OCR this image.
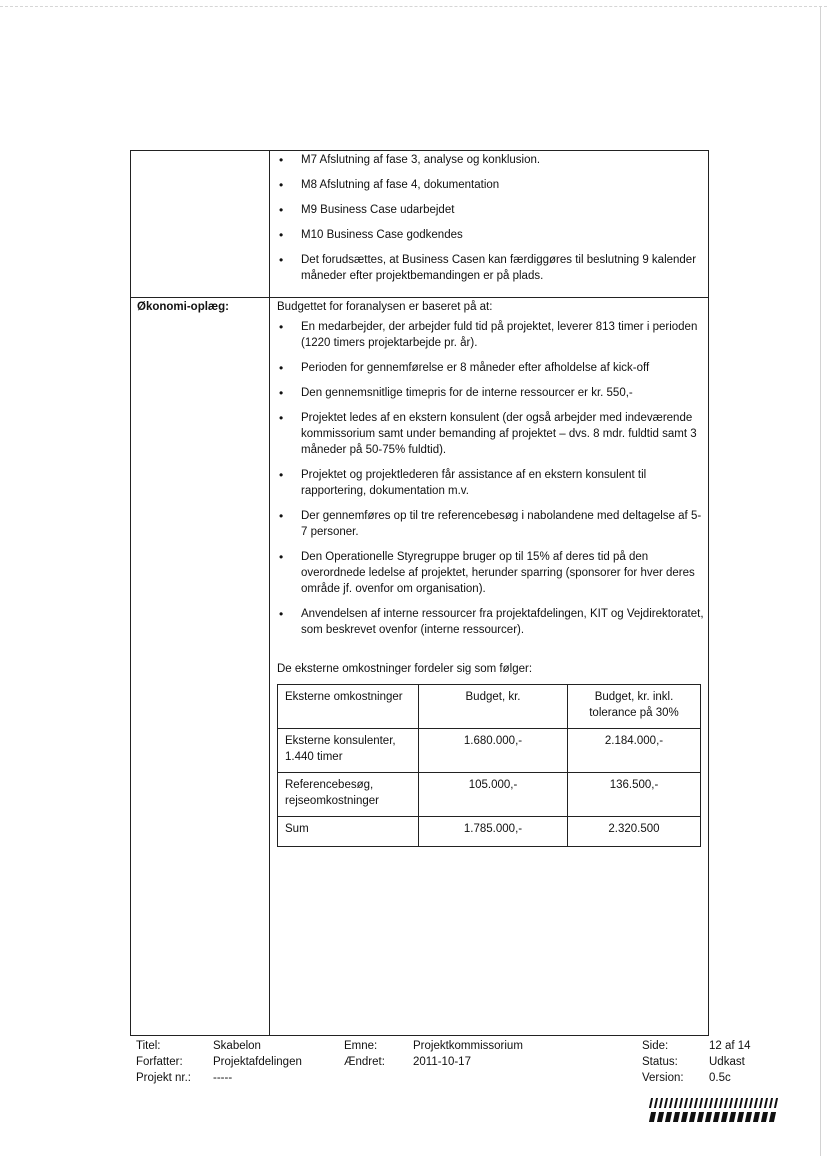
• M7 Afslutning af fase 3, analyse og konklusion.
• M8 Afslutning af fase 4, dokumentation
• M9 Business Case udarbejdet
• M10 Business Case godkendes
• Det forudsættes, at Business Casen kan færdiggøres til beslutning 9 kalender måneder efter projektbemandingen er på plads.
Økonomi-oplæg:	Budgettet for foranalysen er baseret på at:
• En medarbejder, der arbejder fuld tid på projektet, leverer 813 timer i perioden (1220 timers projektarbejde pr. år).
• Perioden for gennemførelse er 8 måneder efter afholdelse af kick-off
• Den gennemsnitlige timepris for de interne ressourcer er kr. 550,-
• Projektet ledes af en ekstern konsulent (der også arbejder med indeværende kommissorium samt under bemanding af projektet – dvs. 8 mdr. fuldtid samt 3 måneder på 50-75% fuldtid).
• Projektet og projektlederen får assistance af en ekstern konsulent til rapportering, dokumentation m.v.
• Der gennemføres op til tre referencebesøg i nabolandene med deltagelse af 5-7 personer.
• Den Operationelle Styregruppe bruger op til 15% af deres tid på den overordnede ledelse af projektet, herunder sparring (sponsorer for hver deres område jf. ovenfor om organisation).
• Anvendelsen af interne ressourcer fra projektafdelingen, KIT og Vejdirektoratet, som beskrevet ovenfor (interne ressourcer).
De eksterne omkostninger fordeler sig som følger:
Eksterne omkostninger	Budget, kr.	Budget, kr. inkl. tolerance på 30%
Eksterne konsulenter, 1.440 timer	1.680.000,-	2.184.000,-
Referencebesøg, rejseomkostninger	105.000,-	136.500,-
Sum	1.785.000,-	2.320.500
Titel:	Skabelon
Forfatter:	Projektafdelingen
Projekt nr.: -----
Emne:	Projektkommissorium
Ændret: 2011-10-17
Side:	12 af 14
Status:	Udkast
Version: 0.5c
